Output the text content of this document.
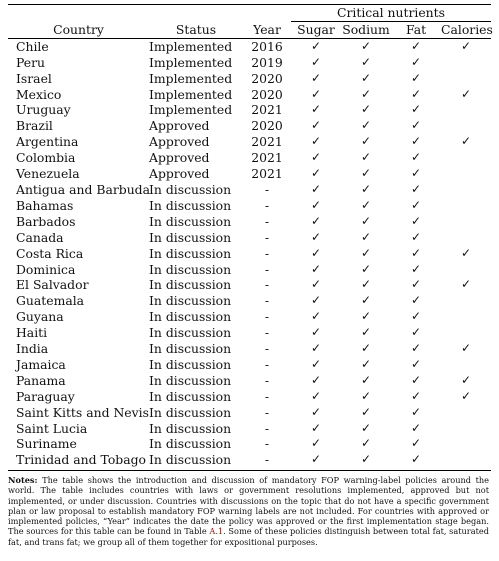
			Critical nutrients			
Country	Status	Year	Sugar	Sodium	Fat	Calories
Chile	Implemented	2016	✓	✓	✓	✓
Peru	Implemented	2019	✓	✓	✓	
Israel	Implemented	2020	✓	✓	✓	
Mexico	Implemented	2020	✓	✓	✓	✓
Uruguay	Implemented	2021	✓	✓	✓	
Brazil	Approved	2020	✓	✓	✓	
Argentina	Approved	2021	✓	✓	✓	✓
Colombia	Approved	2021	✓	✓	✓	
Venezuela	Approved	2021	✓	✓	✓	
Antigua and Barbuda	In discussion	-	✓	✓	✓	
Bahamas	In discussion	-	✓	✓	✓	
Barbados	In discussion	-	✓	✓	✓	
Canada	In discussion	-	✓	✓	✓	
Costa Rica	In discussion	-	✓	✓	✓	✓
Dominica	In discussion	-	✓	✓	✓	
El Salvador	In discussion	-	✓	✓	✓	✓
Guatemala	In discussion	-	✓	✓	✓	
Guyana	In discussion	-	✓	✓	✓	
Haiti	In discussion	-	✓	✓	✓	
India	In discussion	-	✓	✓	✓	✓
Jamaica	In discussion	-	✓	✓	✓	
Panama	In discussion	-	✓	✓	✓	✓
Paraguay	In discussion	-	✓	✓	✓	✓
Saint Kitts and Nevis	In discussion	-	✓	✓	✓	
Saint Lucia	In discussion	-	✓	✓	✓	
Suriname	In discussion	-	✓	✓	✓	
Trinidad and Tobago	In discussion	-	✓	✓	✓	
Notes: The table shows the introduction and discussion of mandatory FOP warning-label policies around the world. The table includes countries with laws or government resolutions implemented, approved but not implemented, or under discussion. Countries with discussions on the topic that do not have a specific government plan or law proposal to establish mandatory FOP warning labels are not included. For countries with approved or implemented policies, “Year” indicates the date the policy was approved or the first implementation stage began. The sources for this table can be found in Table A.1. Some of these policies distinguish between total fat, saturated fat, and trans fat; we group all of them together for expositional purposes.
